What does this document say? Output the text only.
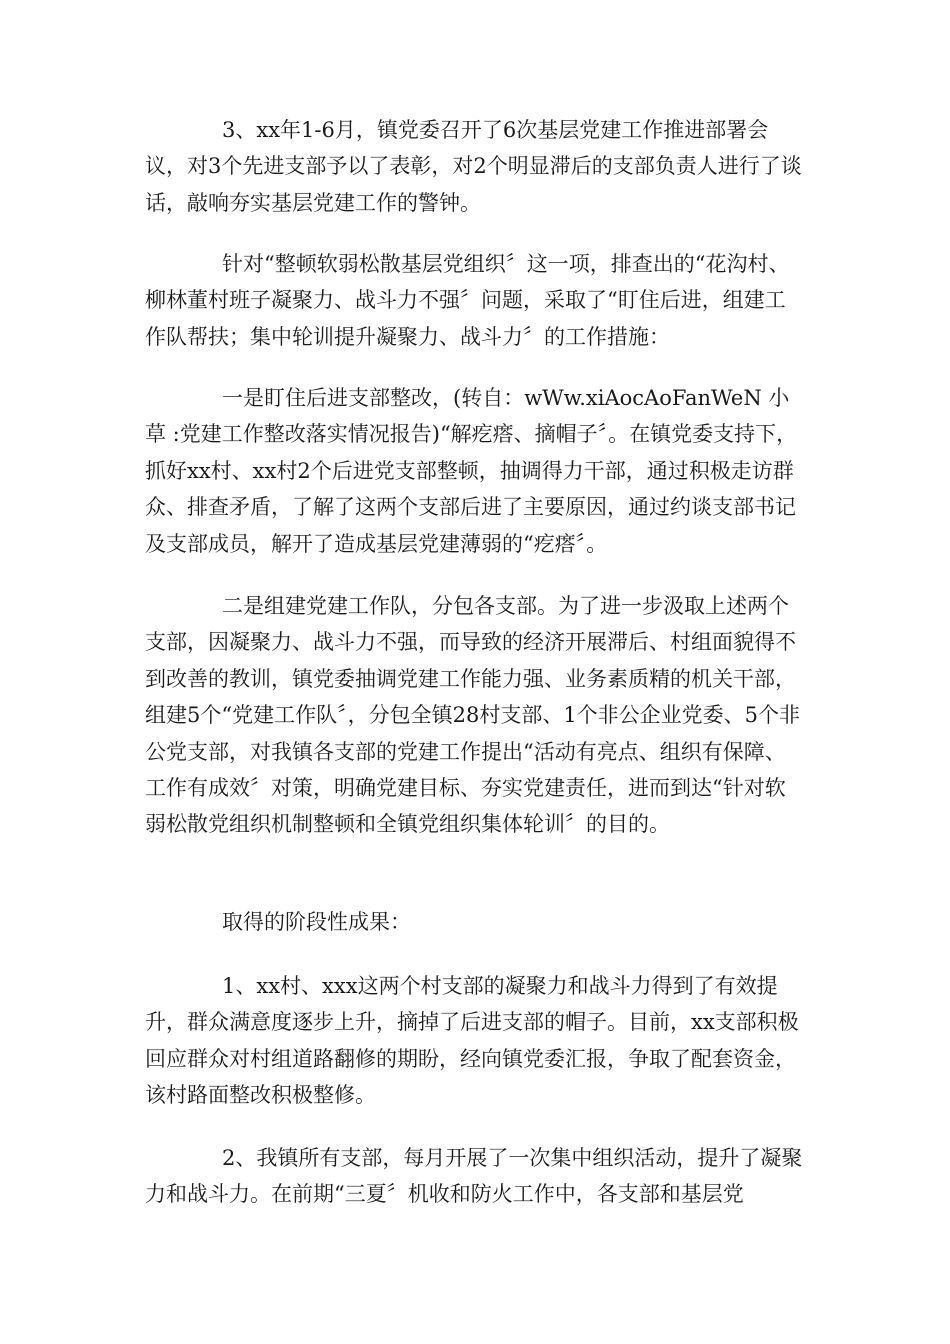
3、xx年1-6月，镇党委召开了6次基层党建工作推进部署会议，对3个先进支部予以了表彰，对2个明显滞后的支部负责人进行了谈话，敲响夯实基层党建工作的警钟。

针对“整顿软弱松散基层党组织〞这一项，排查出的“花沟村、柳林董村班子凝聚力、战斗力不强〞问题，采取了“盯住后进，组建工作队帮扶；集中轮训提升凝聚力、战斗力〞的工作措施：

一是盯住后进支部整改，(转自：wWw.xiAocAoFanWeN 小草 :党建工作整改落实情况报告)“解疙瘩、摘帽子〞。在镇党委支持下，抓好xx村、xx村2个后进党支部整顿，抽调得力干部，通过积极走访群众、排查矛盾，了解了这两个支部后进了主要原因，通过约谈支部书记及支部成员，解开了造成基层党建薄弱的“疙瘩〞。

二是组建党建工作队，分包各支部。为了进一步汲取上述两个支部，因凝聚力、战斗力不强，而导致的经济开展滞后、村组面貌得不到改善的教训，镇党委抽调党建工作能力强、业务素质精的机关干部，组建5个“党建工作队〞，分包全镇28村支部、1个非公企业党委、5个非公党支部，对我镇各支部的党建工作提出“活动有亮点、组织有保障、工作有成效〞对策，明确党建目标、夯实党建责任，进而到达“针对软弱松散党组织机制整顿和全镇党组织集体轮训〞的目的。

取得的阶段性成果：

1、xx村、xxx这两个村支部的凝聚力和战斗力得到了有效提升，群众满意度逐步上升，摘掉了后进支部的帽子。目前，xx支部积极回应群众对村组道路翻修的期盼，经向镇党委汇报，争取了配套资金，该村路面整改积极整修。

2、我镇所有支部，每月开展了一次集中组织活动，提升了凝聚力和战斗力。在前期“三夏〞机收和防火工作中，各支部和基层党
